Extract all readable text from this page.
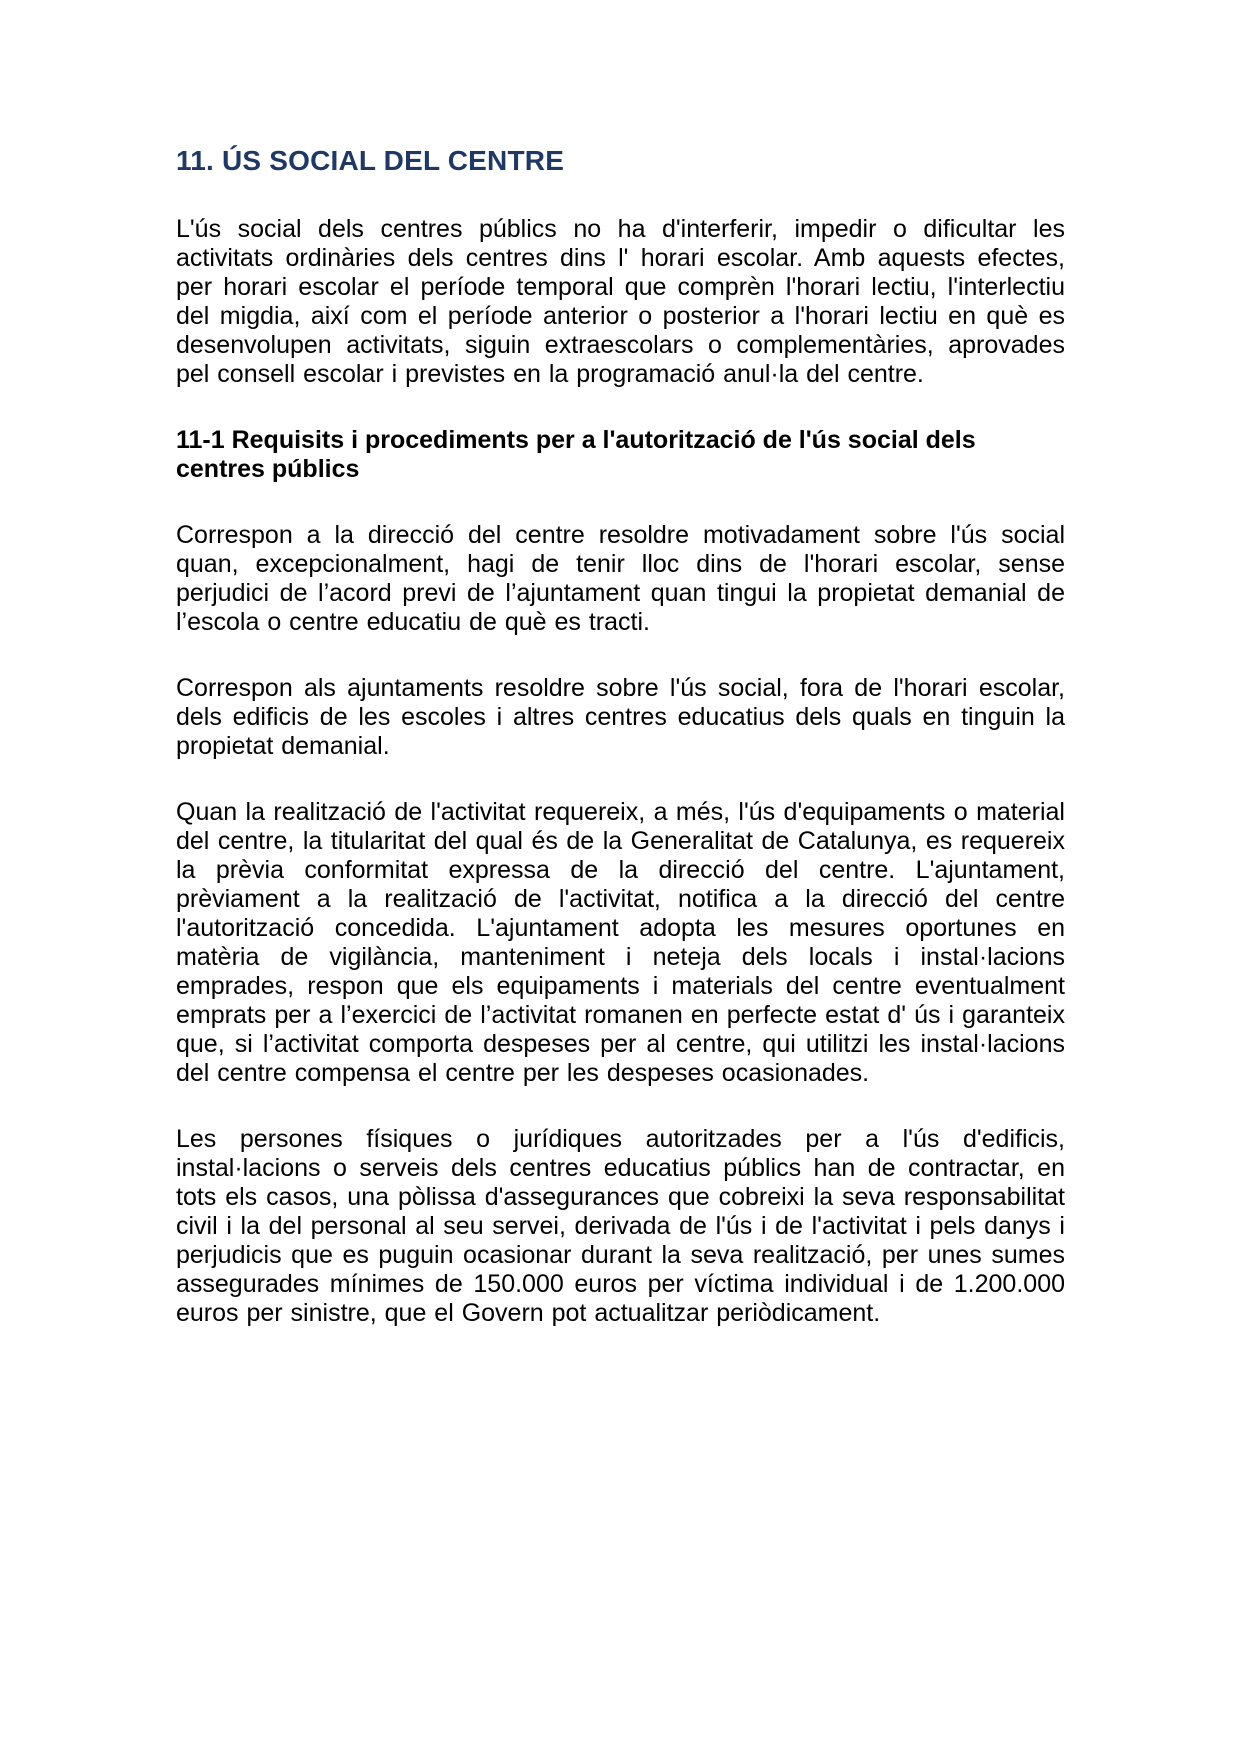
11. ÚS SOCIAL DEL CENTRE

L'ús social dels centres públics no ha d'interferir, impedir o dificultar les activitats ordinàries dels centres dins l' horari escolar. Amb aquests efectes, per horari escolar el període temporal que comprèn l'horari lectiu, l'interlectiu del migdia, així com el període anterior o posterior a l'horari lectiu en què es desenvolupen activitats, siguin extraescolars o complementàries, aprovades pel consell escolar i previstes en la programació anul·la del centre.

11-1 Requisits i procediments per a l'autorització de l'ús social dels centres públics

Correspon a la direcció del centre resoldre motivadament sobre l'ús social quan, excepcionalment, hagi de tenir lloc dins de l'horari escolar, sense perjudici de l’acord previ de l’ajuntament quan tingui la propietat demanial de l’escola o centre educatiu de què es tracti.

Correspon als ajuntaments resoldre sobre l'ús social, fora de l'horari escolar, dels edificis de les escoles i altres centres educatius dels quals en tinguin la propietat demanial.

Quan la realització de l'activitat requereix, a més, l'ús d'equipaments o material del centre, la titularitat del qual és de la Generalitat de Catalunya, es requereix la prèvia conformitat expressa de la direcció del centre. L'ajuntament, prèviament a la realització de l'activitat, notifica a la direcció del centre l'autorització concedida. L'ajuntament adopta les mesures oportunes en matèria de vigilància, manteniment i neteja dels locals i instal·lacions emprades, respon que els equipaments i materials del centre eventualment emprats per a l’exercici de l’activitat romanen en perfecte estat d' ús i garanteix que, si l’activitat comporta despeses per al centre, qui utilitzi les instal·lacions del centre compensa el centre per les despeses ocasionades.

Les persones físiques o jurídiques autoritzades per a l'ús d'edificis, instal·lacions o serveis dels centres educatius públics han de contractar, en tots els casos, una pòlissa d'assegurances que cobreixi la seva responsabilitat civil i la del personal al seu servei, derivada de l'ús i de l'activitat i pels danys i perjudicis que es puguin ocasionar durant la seva realització, per unes sumes assegurades mínimes de 150.000 euros per víctima individual i de 1.200.000 euros per sinistre, que el Govern pot actualitzar periòdicament.
